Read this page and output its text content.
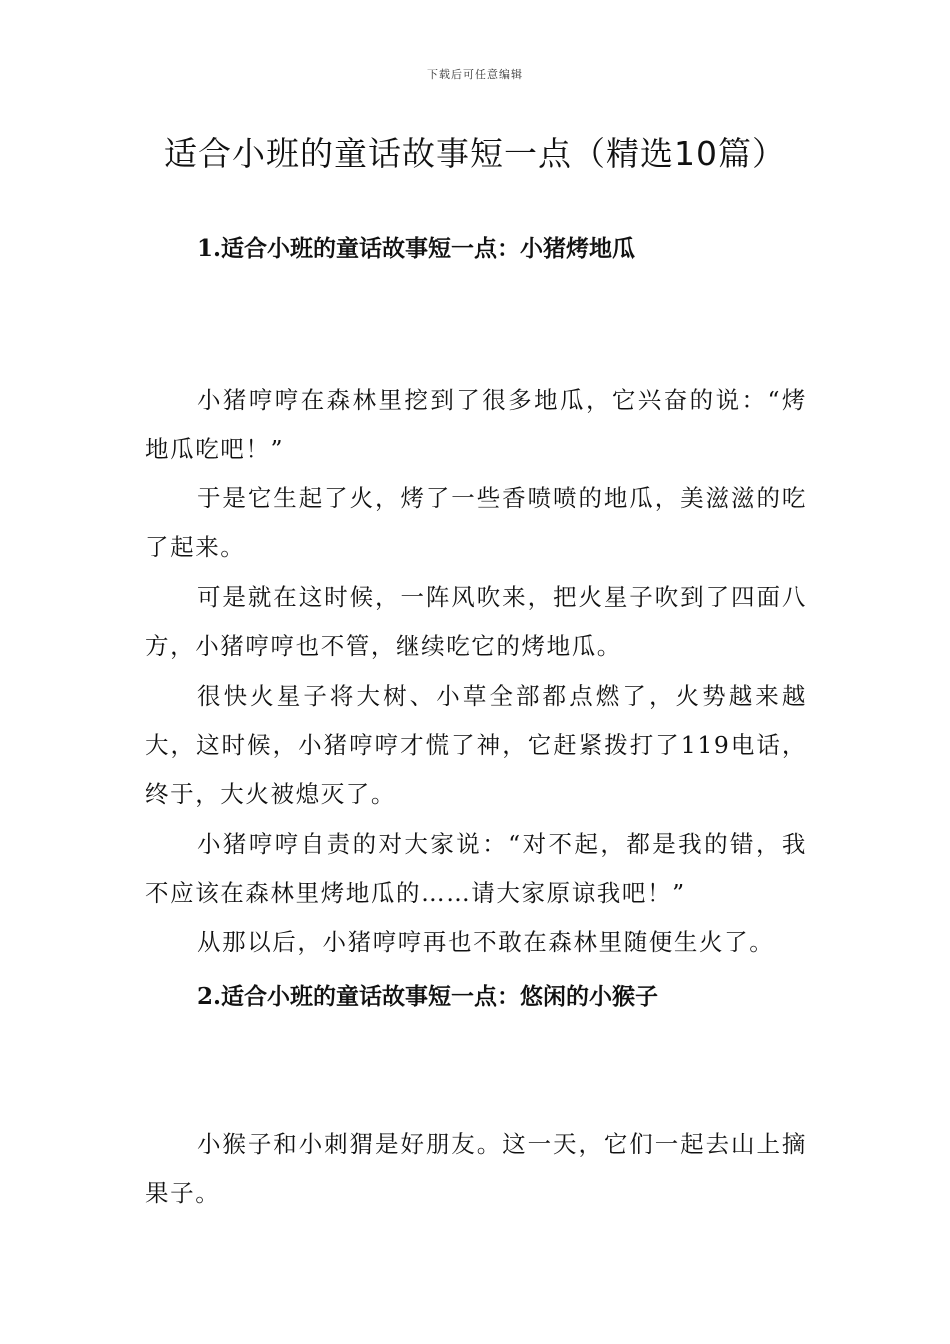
下载后可任意编辑
适合小班的童话故事短一点（精选10篇）
1.适合小班的童话故事短一点：小猪烤地瓜

小猪哼哼在森林里挖到了很多地瓜，它兴奋的说：“烤地瓜吃吧！”

于是它生起了火，烤了一些香喷喷的地瓜，美滋滋的吃了起来。

可是就在这时候，一阵风吹来，把火星子吹到了四面八方，小猪哼哼也不管，继续吃它的烤地瓜。

很快火星子将大树、小草全部都点燃了，火势越来越大，这时候，小猪哼哼才慌了神，它赶紧拨打了119电话，终于，大火被熄灭了。

小猪哼哼自责的对大家说：“对不起，都是我的错，我不应该在森林里烤地瓜的……请大家原谅我吧！”

从那以后，小猪哼哼再也不敢在森林里随便生火了。

2.适合小班的童话故事短一点：悠闲的小猴子

小猴子和小刺猬是好朋友。这一天，它们一起去山上摘果子。
